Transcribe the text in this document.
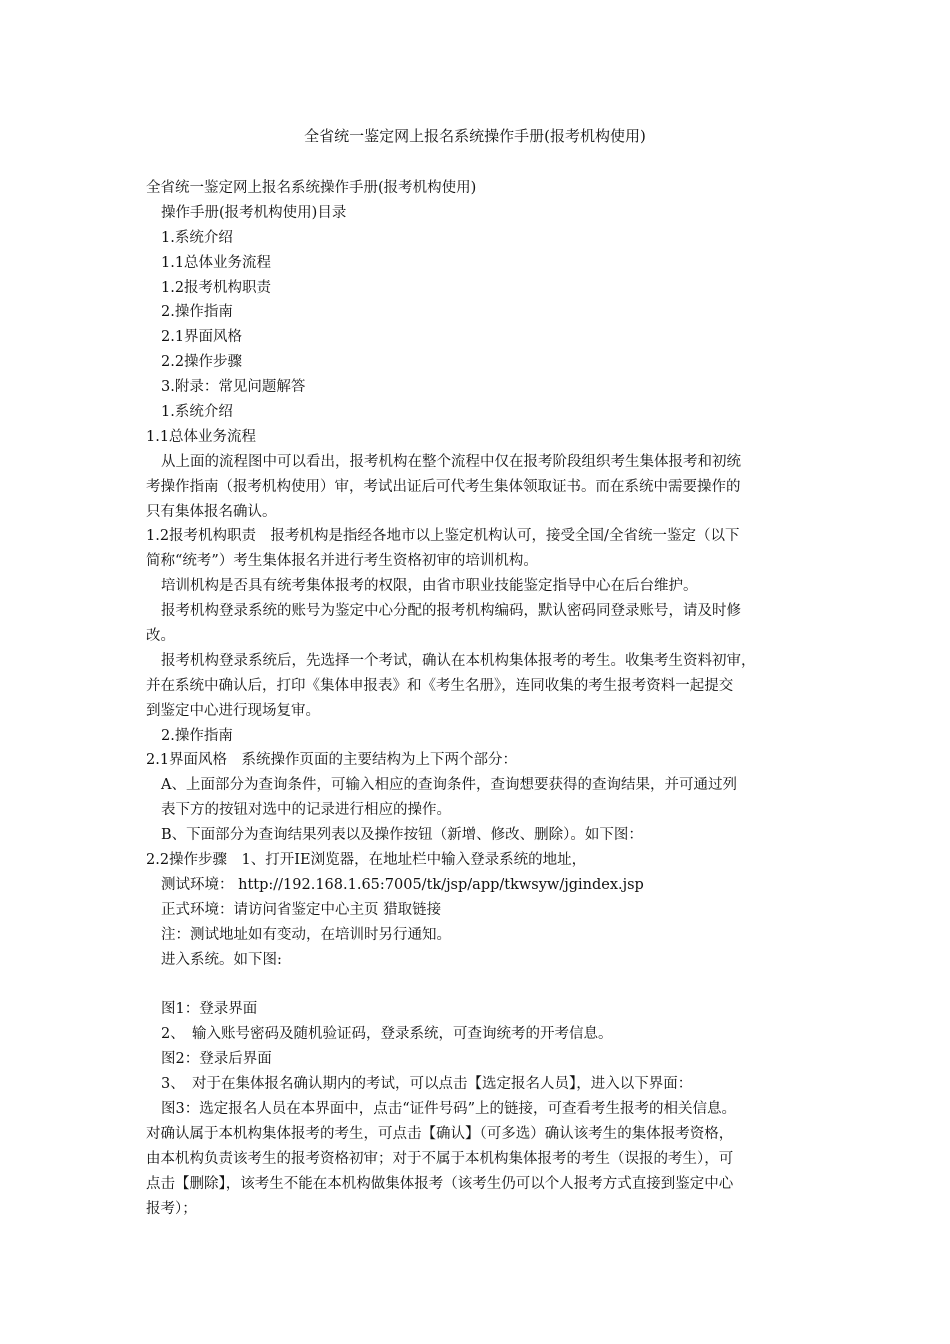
全省统一鉴定网上报名系统操作手册(报考机构使用)
全省统一鉴定网上报名系统操作手册(报考机构使用)
操作手册(报考机构使用)目录
1.系统介绍
1.1总体业务流程
1.2报考机构职责
2.操作指南
2.1界面风格
2.2操作步骤
3.附录：常见问题解答
1.系统介绍
1.1总体业务流程
从上面的流程图中可以看出，报考机构在整个流程中仅在报考阶段组织考生集体报考和初统
考操作指南（报考机构使用）审，考试出证后可代考生集体领取证书。而在系统中需要操作的
只有集体报名确认。
1.2报考机构职责　报考机构是指经各地市以上鉴定机构认可，接受全国/全省统一鉴定（以下
简称“统考”）考生集体报名并进行考生资格初审的培训机构。
培训机构是否具有统考集体报考的权限，由省市职业技能鉴定指导中心在后台维护。
报考机构登录系统的账号为鉴定中心分配的报考机构编码，默认密码同登录账号，请及时修
改。
报考机构登录系统后，先选择一个考试，确认在本机构集体报考的考生。收集考生资料初审，
并在系统中确认后，打印《集体申报表》和《考生名册》，连同收集的考生报考资料一起提交
到鉴定中心进行现场复审。
2.操作指南
2.1界面风格　系统操作页面的主要结构为上下两个部分：
A、上面部分为查询条件，可输入相应的查询条件，查询想要获得的查询结果，并可通过列
表下方的按钮对选中的记录进行相应的操作。
B、下面部分为查询结果列表以及操作按钮（新增、修改、删除）。如下图：
2.2操作步骤　1、打开IE浏览器，在地址栏中输入登录系统的地址，
测试环境： http://192.168.1.65:7005/tk/jsp/app/tkwsyw/jgindex.jsp
正式环境：请访问省鉴定中心主页 猎取链接
注：测试地址如有变动，在培训时另行通知。
进入系统。如下图:
图1：登录界面
2、　输入账号密码及随机验证码，登录系统，可查询统考的开考信息。
图2：登录后界面
3、　对于在集体报名确认期内的考试，可以点击【选定报名人员】，进入以下界面：
图3：选定报名人员在本界面中，点击“证件号码”上的链接，可查看考生报考的相关信息。
对确认属于本机构集体报考的考生，可点击【确认】（可多选）确认该考生的集体报考资格，
由本机构负责该考生的报考资格初审；对于不属于本机构集体报考的考生（误报的考生），可
点击【删除】，该考生不能在本机构做集体报考（该考生仍可以个人报考方式直接到鉴定中心
报考）；
